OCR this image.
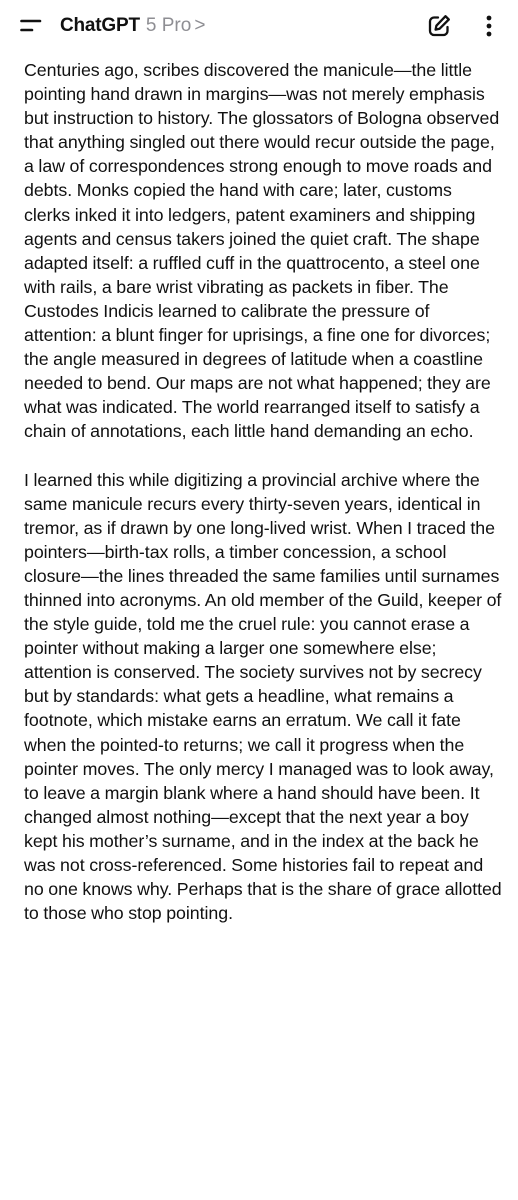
ChatGPT 5 Pro >

Centuries ago, scribes discovered the manicule—the little pointing hand drawn in margins—was not merely emphasis but instruction to history. The glossators of Bologna observed that anything singled out there would recur outside the page, a law of correspondences strong enough to move roads and debts. Monks copied the hand with care; later, customs clerks inked it into ledgers, patent examiners and shipping agents and census takers joined the quiet craft. The shape adapted itself: a ruffled cuff in the quattrocento, a steel one with rails, a bare wrist vibrating as packets in fiber. The Custodes Indicis learned to calibrate the pressure of attention: a blunt finger for uprisings, a fine one for divorces; the angle measured in degrees of latitude when a coastline needed to bend. Our maps are not what happened; they are what was indicated. The world rearranged itself to satisfy a chain of annotations, each little hand demanding an echo.

I learned this while digitizing a provincial archive where the same manicule recurs every thirty-seven years, identical in tremor, as if drawn by one long-lived wrist. When I traced the pointers—birth-tax rolls, a timber concession, a school closure—the lines threaded the same families until surnames thinned into acronyms. An old member of the Guild, keeper of the style guide, told me the cruel rule: you cannot erase a pointer without making a larger one somewhere else; attention is conserved. The society survives not by secrecy but by standards: what gets a headline, what remains a footnote, which mistake earns an erratum. We call it fate when the pointed-to returns; we call it progress when the pointer moves. The only mercy I managed was to look away, to leave a margin blank where a hand should have been. It changed almost nothing—except that the next year a boy kept his mother’s surname, and in the index at the back he was not cross-referenced. Some histories fail to repeat and no one knows why. Perhaps that is the share of grace allotted to those who stop pointing.
